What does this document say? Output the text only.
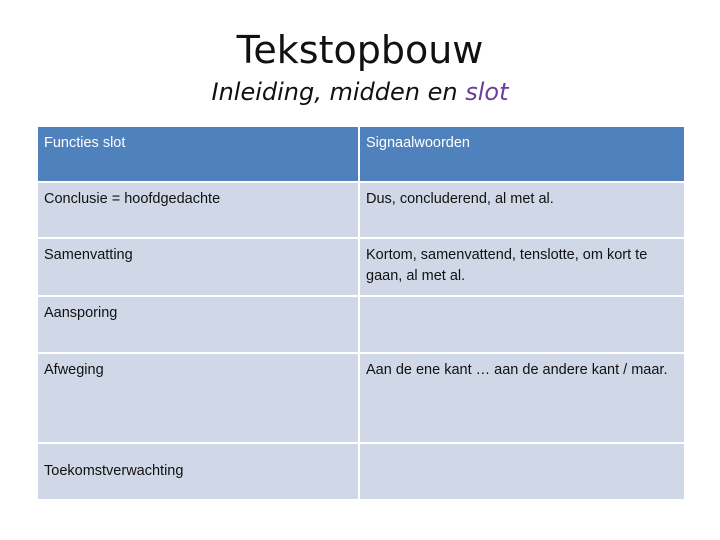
Tekstopbouw
Inleiding, midden en slot
Functies slot	Signaalwoorden
Conclusie = hoofdgedachte	Dus, concluderend, al met al.
Samenvatting	Kortom, samenvattend, tenslotte, om kort te gaan, al met al.
Aansporing	
Afweging	Aan de ene kant … aan de andere kant / maar.
Toekomstverwachting	
